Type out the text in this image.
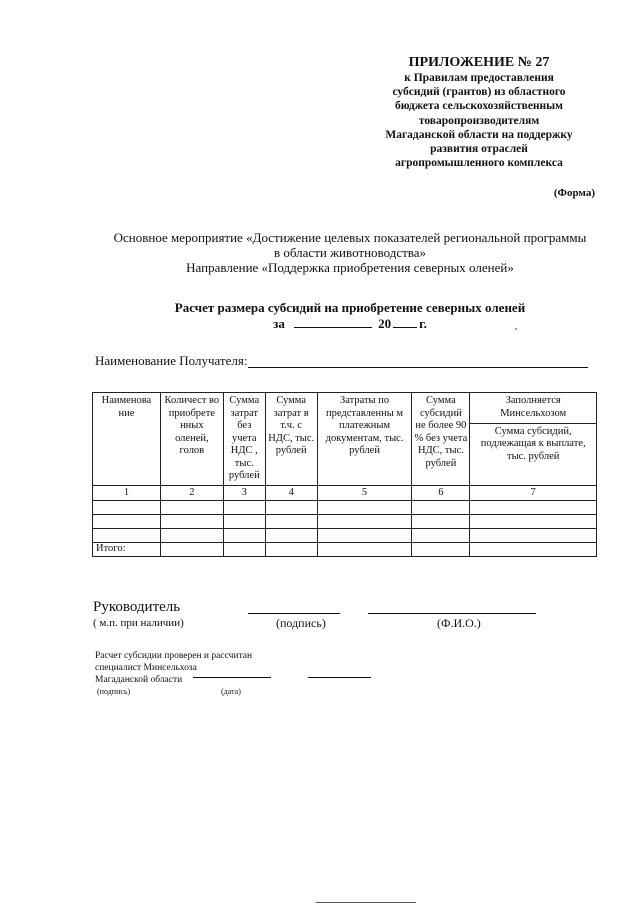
ПРИЛОЖЕНИЕ № 27
к Правилам предоставления
субсидий (грантов) из областного
бюджета сельскохозяйственным
товаропроизводителям
Магаданской области на поддержку
развития отраслей
агропромышленного комплекса
(Форма)
Основное мероприятие «Достижение целевых показателей региональной программы
в области животноводства»
Направление «Поддержка приобретения северных оленей»
Расчет размера субсидий на приобретение северных оленей
за	20 г.
Наименование Получателя:
Наименова ние	Количест во приобрете нных оленей, голов	Сумма затрат без учета НДС , тыс. рублей	Сумма затрат в т.ч. с НДС, тыс. рублей	Затраты по представленны м платежным документам, тыс. рублей	Сумма субсидий не более 90 % без учета НДС, тыс. рублей	Заполняется Минсельхозом
						Сумма субсидий, подлежащая к выплате, тыс. рублей
1	2	3	4	5	6	7

Итого:						
Руководитель
( м.п. при наличии)	(подпись)	(Ф.И.О.)
Расчет субсидии проверен и рассчитан
специалист Минсельхоза
Магаданской области
(подпись)	(дата)
